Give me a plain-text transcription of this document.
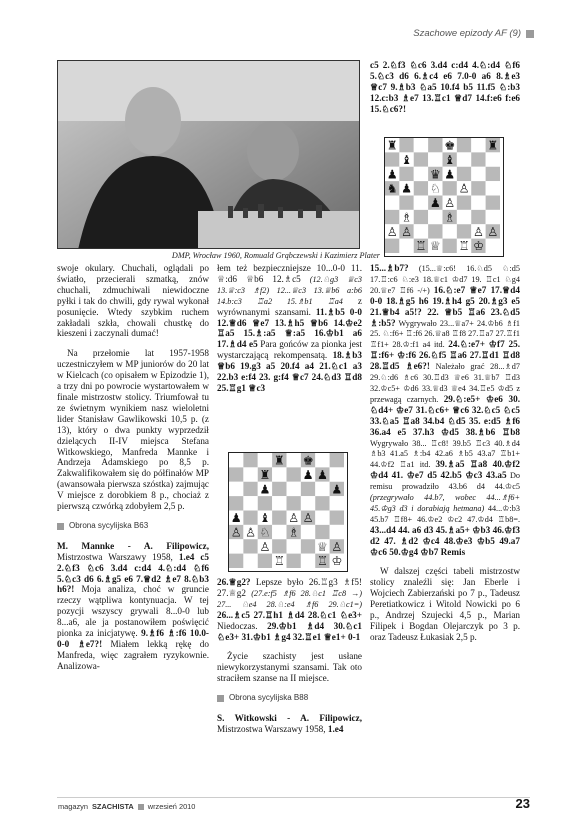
Szachowe epizody AF (9)
DMP, Wrocław 1960, Romuald Grąbczewski i Kazimierz Plater

swoje okulary. Chuchali, oglądali po światło, przecierali szmatką, znów chuchali, zdmuchiwali niewidoczne pyłki i tak do chwili, gdy rywal wykonał posunięcie. Wtedy szybkim ruchem zakładali szkła, chowali chustkę do kieszeni i zaczynali dumać!

Na przełomie lat 1957-1958 uczestniczyłem w MP juniorów do 20 lat w Kielcach (co opisałem w Epizodzie 1), a trzy dni po powrocie wystartowałem w finale mistrzostw stolicy. Triumfował tu ze świetnym wynikiem nasz wieloletni lider Stanisław Gawlikowski 10,5 p. (z 13), który o dwa punkty wyprzedził dzielących II-IV miejsca Stefana Witkowskiego, Manfreda Mannke i Andrzeja Adamskiego po 8,5 p. Zakwalifikowałem się do półfinałów MP (awansowała pierwsza szóstka) zajmując V miejsce z dorobkiem 8 p., chociaż z pierwszą czwórką zdobyłem 2,5 p.

Obrona sycylijska B63

M. Mannke - A. Filipowicz, Mistrzostwa Warszawy 1958, 1.e4 c5 2.♘f3 ♘c6 3.d4 c:d4 4.♘:d4 ♘f6 5.♘c3 d6 6.♗g5 e6 7.♕d2 ♗e7 8.♘b3 h6?! Moja analiza, choć w gruncie rzeczy wątpliwa kontynuacja. W tej pozycji wszyscy grywali 8...0-0 lub 8...a6, ale ja postanowiłem poświęcić pionka za inicjatywę. 9.♗f6 ♗:f6 10.0-0-0 ♗e7?! Miałem lekką rękę do Manfreda, więc zagrałem ryzykownie. Analizowa-

łem też bezpieczniejsze 10...0-0 11. ♕:d6 ♕b6 12.♗c5 (12.♘g3 ♕c3 13.♕:c3 ♗f2) 12...♕c3 13.♕b6 a:b6 14.b:c3 ♖a2 15.♗b1 ♖a4 z wyrównanymi szansami. 11.♗b5 0-0 12.♕d6 ♕e7 13.♗h5 ♕b6 14.♔e2 ♖a5 15.♗:a5 ♕:a5 16.♔b1 a6 17.♗d4 e5 Para gońców za pionka jest wystarczającą rekompensatą. 18.♗b3 ♕b6 19.g3 a5 20.f4 a4 21.♘c1 a3 22.b3 e:f4 23. g:f4 ♕c7 24.♘d3 ♖d8 25.♖g1 ♕c3

♜ ♚
♜	♟ ♟
♟	♟
♟ ♝ ♙ ♙
♙ ♙ ♘ ♗
♙	♕ ♙
♖	♖ ♔

26.♕g2? Lepsze było 26.♖g3 ♗f5! 27.♕g2 (27.e:f5 ♗f6 28.♘c1 ♖c8 →) 27... ♘e4 28.♘:e4 ♗f6 29.♘c1=) 26...♗c5 27.♖h1 ♗d4 28.♘c1 ♘e3+ Niedoczas. 29.♔b1 ♗d4 30.♘c1 ♘e3+ 31.♔b1 ♗g4 32.♖e1 ♕e1+ 0-1

Życie szachisty jest usłane niewykorzystanymi szansami. Tak oto straciłem szanse na II miejsce.

Obrona sycylijska B88

S. Witkowski - A. Filipowicz, Mistrzostwa Warszawy 1958, 1.e4

c5 2.♘f3 ♘c6 3.d4 c:d4 4.♘:d4 ♘f6 5.♘c3 d6 6.♗c4 e6 7.0-0 a6 8.♗e3 ♕c7 9.♗b3 ♘a5 10.f4 b5 11.f5 ♘:b3 12.c:b3 ♗e7 13.♖c1 ♕d7 14.f:e6 f:e6 15.♘c6?!

♜	♚	♜
♝	♝
♟	♛ ♟
♞ ♟ ♘ ♙
♟ ♙
♗	♗
♙ ♙	♙ ♙
♖ ♕ ♖ ♔

15...♗b7? (15...♕:c6! 16.♘d5 ♘:d5 17.♖:c6 ♘:e3 18.♕c1 ♔d7 19. ♖c1 ♘g4 20.♕e7 ♖f6 -/+) 16.♘:e7 ♕e7 17.♕d4 0-0 18.♗g5 h6 19.♗h4 g5 20.♗g3 e5 21.♕b4 a5!? 22. ♕b5 ♖a6 23.♘d5 ♗:b5? Wygrywało 23...♕a7+ 24.♔b6 ♗f1 25. ♘:f6+ ♖:f6 26.♕a8 ♖f8 27.♖a7 27.♖f1 ♖f1+ 28.♔:f1 a4 itd. 24.♘:e7+ ♔f7 25. ♖:f6+ ♔:f6 26.♘f5 ♖a6 27.♖d1 ♖d8 28.♖d5 ♗e6?! Należało grać 28...♗d7 29.♘:d6 ♗c6 30.♖d3 ♕e6 31.♕b7 ♖d3 32.♔c5+ ♔d6 33.♕d3 ♕e4 34.♖e5 ♔d5 z przewagą czarnych. 29.♘:e5+ ♔e6 30. ♘d4+ ♔e7 31.♘c6+ ♕c6 32.♘c5 ♘c5 33.♘a5 ♖a8 34.b4 ♘d5 35. e:d5 ♗f6 36.a4 e5 37.h3 ♔d5 38.♗b6 ♖b8 Wygrywało 38... ♖c8! 39.b5 ♖c3 40.♗d4 ♗b3 41.a5 ♗:b4 42.a6 ♗b5 43.a7 ♖b1+ 44.♔f2 ♖a1 itd. 39.♗a5 ♖a8 40.♔f2 ♔d4 41. ♔e7 d5 42.b5 ♔c3 43.a5 Do remisu prowadziło 43.b6 d4 44.♔c5 (przegrywało 44.b7, wobec 44...♗f6+ 45.♔g3 d3 i dorabiają hetmana) 44...♔:b3 45.b7 ♖f8+ 46.♔e2 ♔c2 47.♔d4 ♖b8=. 43...d4 44. a6 d3 45.♗a5+ ♔b3 46.♔f3 d2 47. ♗d2 ♔c4 48.♔e3 ♔b5 49.a7 ♔c6 50.♔g4 ♔b7 Remis

W dalszej części tabeli mistrzostw stolicy znaleźli się: Jan Eberle i Wojciech Zabierzański po 7 p., Tadeusz Peretiatkowicz i Witold Nowicki po 6 p., Andrzej Szujecki 4,5 p., Marian Filipek i Bogdan Olejarczyk po 3 p. oraz Tadeusz Łukasiak 2,5 p.

magazyn SZACHISTA wrzesień 2010	23
